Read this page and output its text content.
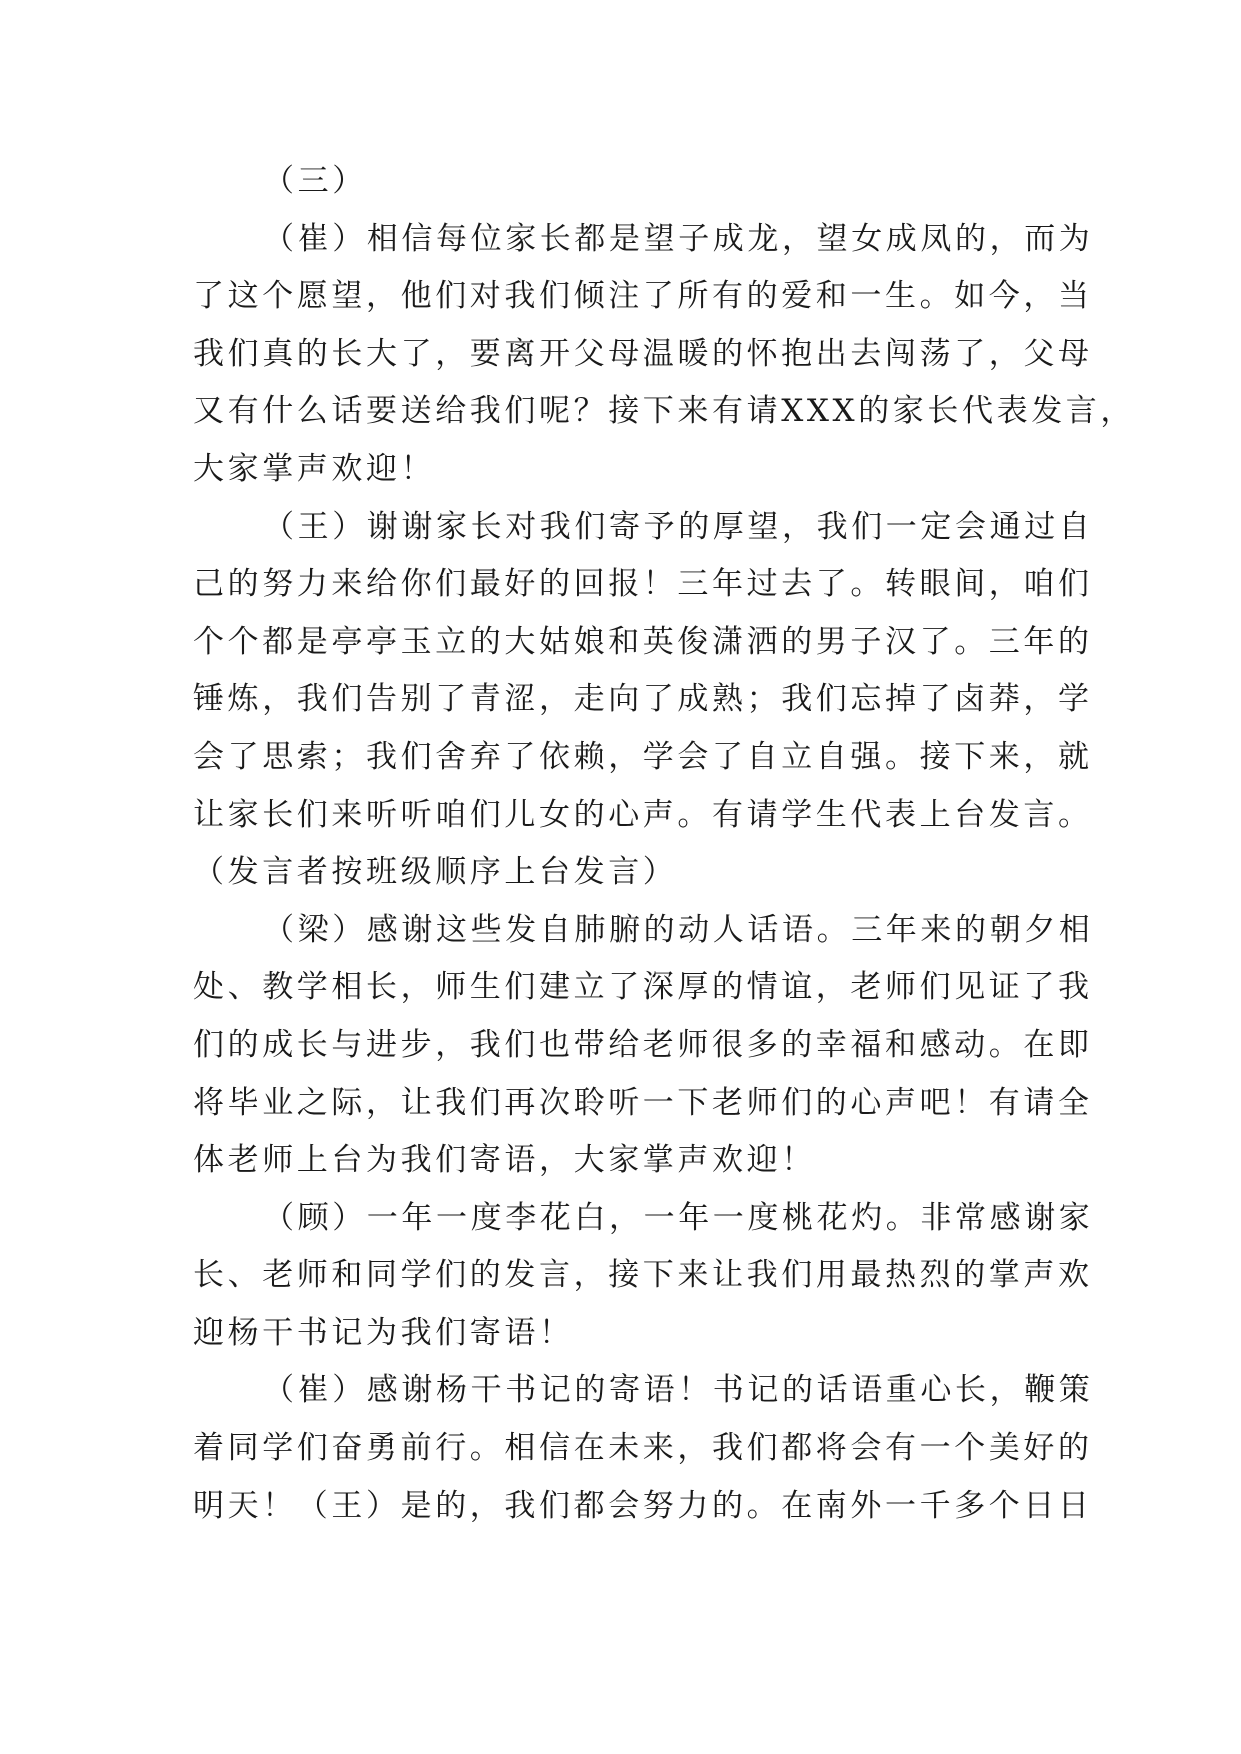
（三）
（崔）相信每位家长都是望子成龙，望女成凤的，而为
了这个愿望，他们对我们倾注了所有的爱和一生。如今，当
我们真的长大了，要离开父母温暖的怀抱出去闯荡了，父母
又有什么话要送给我们呢？接下来有请XXX的家长代表发言，
大家掌声欢迎！
（王）谢谢家长对我们寄予的厚望，我们一定会通过自
己的努力来给你们最好的回报！三年过去了。转眼间，咱们
个个都是亭亭玉立的大姑娘和英俊潇洒的男子汉了。三年的
锤炼，我们告别了青涩，走向了成熟；我们忘掉了卤莽，学
会了思索；我们舍弃了依赖，学会了自立自强。接下来，就
让家长们来听听咱们儿女的心声。有请学生代表上台发言。
（发言者按班级顺序上台发言）
（梁）感谢这些发自肺腑的动人话语。三年来的朝夕相
处、教学相长，师生们建立了深厚的情谊，老师们见证了我
们的成长与进步，我们也带给老师很多的幸福和感动。在即
将毕业之际，让我们再次聆听一下老师们的心声吧！有请全
体老师上台为我们寄语，大家掌声欢迎！
（顾）一年一度李花白，一年一度桃花灼。非常感谢家
长、老师和同学们的发言，接下来让我们用最热烈的掌声欢
迎杨干书记为我们寄语！
（崔）感谢杨干书记的寄语！书记的话语重心长，鞭策
着同学们奋勇前行。相信在未来，我们都将会有一个美好的
明天！（王）是的，我们都会努力的。在南外一千多个日日
